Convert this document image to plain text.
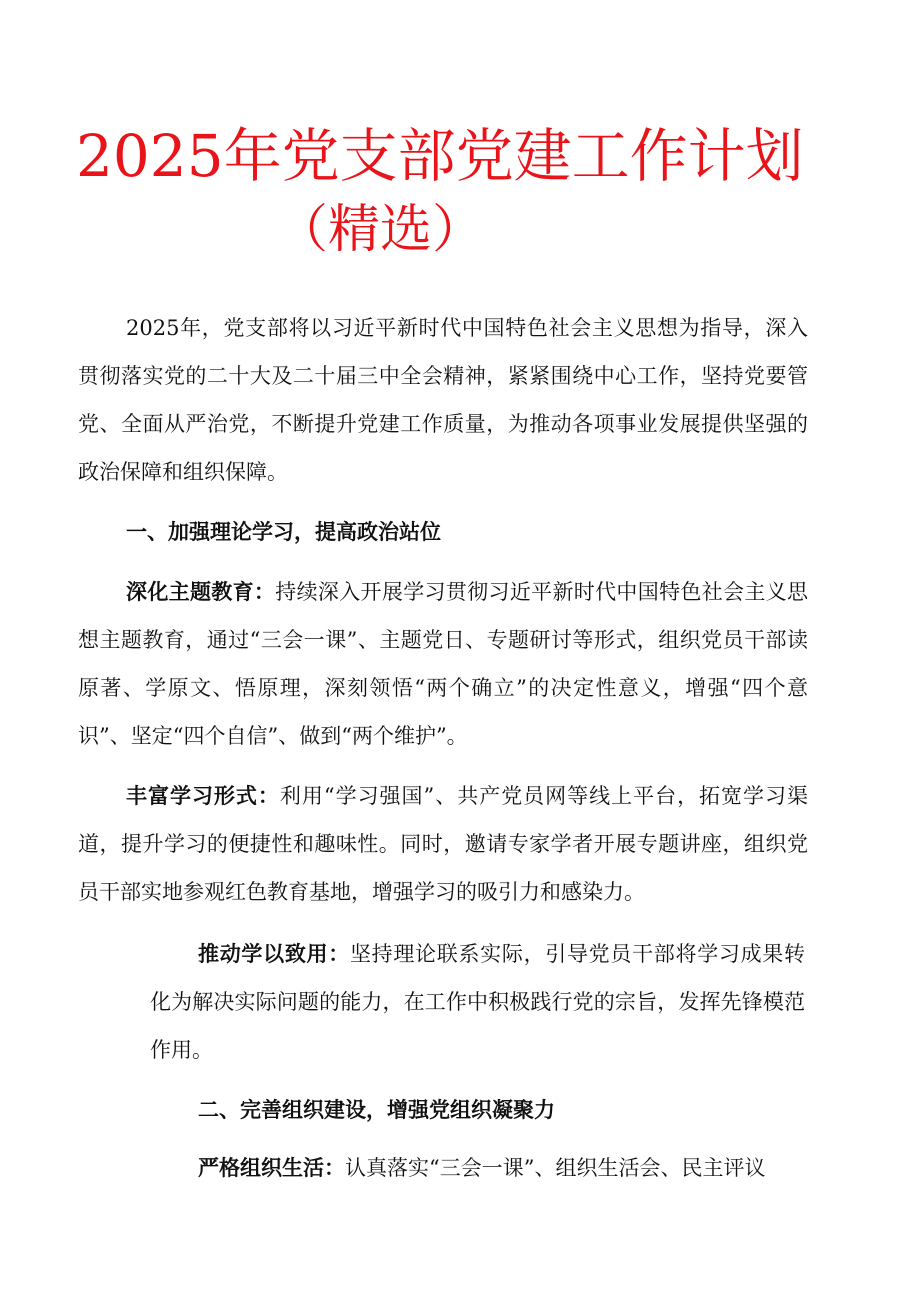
2025年党支部党建工作计划
（精选）

2025年，党支部将以习近平新时代中国特色社会主义思想为指导，深入贯彻落实党的二十大及二十届三中全会精神，紧紧围绕中心工作，坚持党要管党、全面从严治党，不断提升党建工作质量，为推动各项事业发展提供坚强的政治保障和组织保障。

一、加强理论学习，提高政治站位

深化主题教育：持续深入开展学习贯彻习近平新时代中国特色社会主义思想主题教育，通过“三会一课”、主题党日、专题研讨等形式，组织党员干部读原著、学原文、悟原理，深刻领悟“两个确立”的决定性意义，增强“四个意识”、坚定“四个自信”、做到“两个维护”。

丰富学习形式：利用“学习强国”、共产党员网等线上平台，拓宽学习渠道，提升学习的便捷性和趣味性。同时，邀请专家学者开展专题讲座，组织党员干部实地参观红色教育基地，增强学习的吸引力和感染力。

推动学以致用：坚持理论联系实际，引导党员干部将学习成果转化为解决实际问题的能力，在工作中积极践行党的宗旨，发挥先锋模范作用。

二、完善组织建设，增强党组织凝聚力

严格组织生活：认真落实“三会一课”、组织生活会、民主评议
